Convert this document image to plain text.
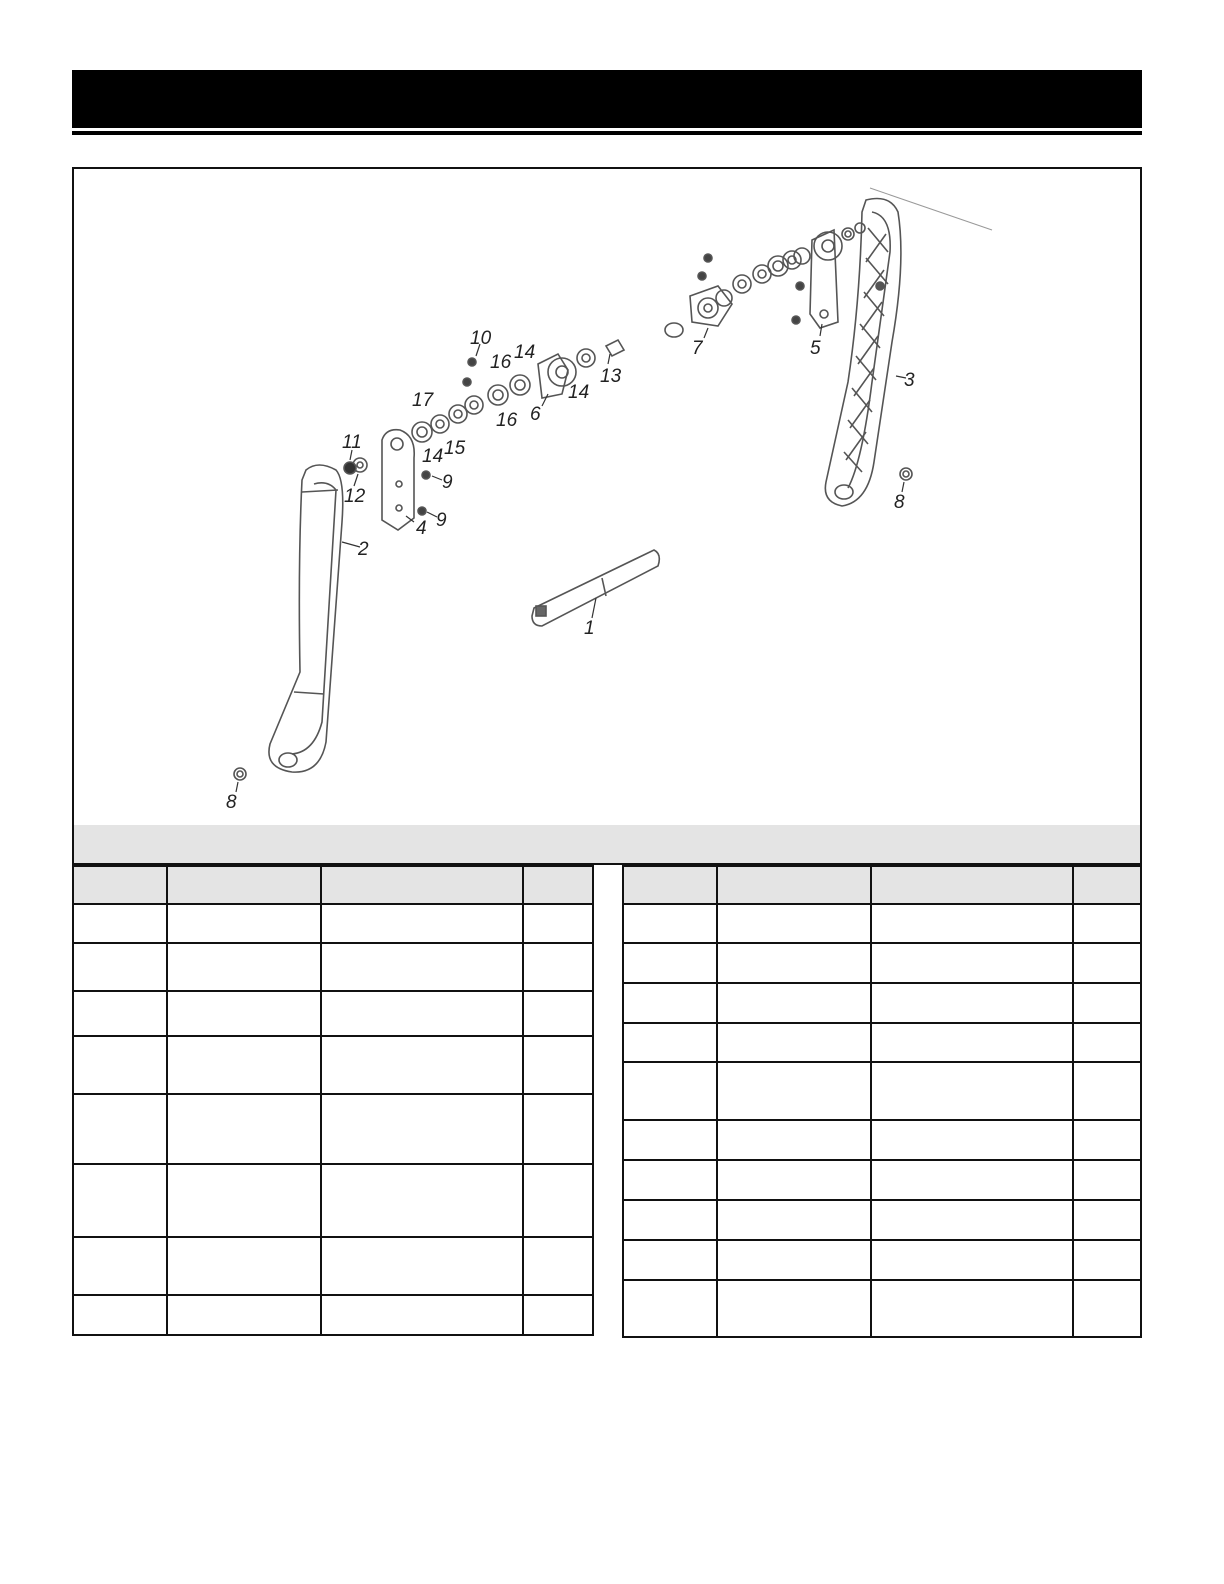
1
2
3
4
5
6
7
8
8
9
9
10
11
12
13
14
14
14 15
16
16
17
